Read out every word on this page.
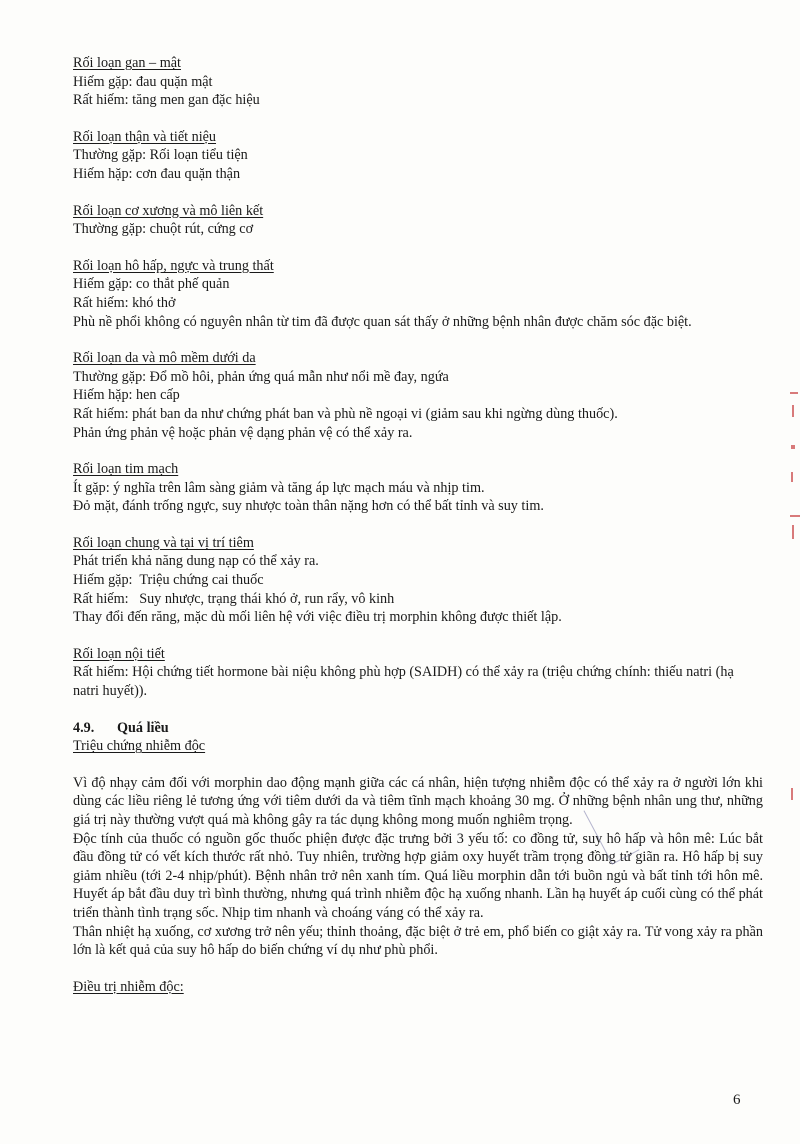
Rối loạn gan – mật
Hiếm gặp: đau quặn mật
Rất hiếm: tăng men gan đặc hiệu
Rối loạn thận và tiết niệu
Thường gặp: Rối loạn tiểu tiện
Hiếm hặp: cơn đau quặn thận
Rối loạn cơ xương và mô liên kết
Thường gặp: chuột rút, cứng cơ
Rối loạn hô hấp, ngực và trung thất
Hiếm gặp: co thắt phế quản
Rất hiếm: khó thở
Phù nề phổi không có nguyên nhân từ tim đã được quan sát thấy ở những bệnh nhân được chăm sóc đặc biệt.
Rối loạn da và mô mềm dưới da
Thường gặp: Đổ mồ hôi, phản ứng quá mẫn như nổi mề đay, ngứa
Hiếm hặp: hen cấp
Rất hiếm: phát ban da như chứng phát ban và phù nề ngoại vi (giảm sau khi ngừng dùng thuốc).
Phản ứng phản vệ hoặc phản vệ dạng phản vệ có thể xảy ra.
Rối loạn tim mạch
Ít gặp: ý nghĩa trên lâm sàng giảm và tăng áp lực mạch máu và nhịp tim.
Đỏ mặt, đánh trống ngực, suy nhược toàn thân nặng hơn có thể bất tỉnh và suy tim.
Rối loạn chung và tại vị trí tiêm
Phát triển khả năng dung nạp có thể xảy ra.
Hiếm gặp:  Triệu chứng cai thuốc
Rất hiếm:   Suy nhược, trạng thái khó ở, run rẩy, vô kinh
Thay đổi đến răng, mặc dù mối liên hệ với việc điều trị morphin không được thiết lập.
Rối loạn nội tiết
Rất hiếm: Hội chứng tiết hormone bài niệu không phù hợp (SAIDH) có thể xảy ra (triệu chứng chính: thiếu natri (hạ natri huyết)).
4.9. Quá liều
Triệu chứng nhiễm độc
Vì độ nhạy cảm đối với morphin dao động mạnh giữa các cá nhân, hiện tượng nhiễm độc có thể xảy ra ở người lớn khi dùng các liều riêng lẻ tương ứng với tiêm dưới da và tiêm tĩnh mạch khoảng 30 mg. Ở những bệnh nhân ung thư, những giá trị này thường vượt quá mà không gây ra tác dụng không mong muốn nghiêm trọng.
Độc tính của thuốc có nguồn gốc thuốc phiện được đặc trưng bởi 3 yếu tố: co đồng tử, suy hô hấp và hôn mê: Lúc bắt đầu đồng tử có vết kích thước rất nhỏ. Tuy nhiên, trường hợp giảm oxy huyết trầm trọng đồng tử giãn ra. Hô hấp bị suy giảm nhiều (tới 2-4 nhịp/phút). Bệnh nhân trở nên xanh tím. Quá liều morphin dẫn tới buồn ngủ và bất tỉnh tới hôn mê. Huyết áp bắt đầu duy trì bình thường, nhưng quá trình nhiễm độc hạ xuống nhanh. Lần hạ huyết áp cuối cùng có thể phát triển thành tình trạng sốc. Nhịp tim nhanh và choáng váng có thể xảy ra.
Thân nhiệt hạ xuống, cơ xương trở nên yếu; thỉnh thoảng, đặc biệt ở trẻ em, phổ biến co giật xảy ra. Tử vong xảy ra phần lớn là kết quả của suy hô hấp do biến chứng ví dụ như phù phổi.
Điều trị nhiễm độc:
6
